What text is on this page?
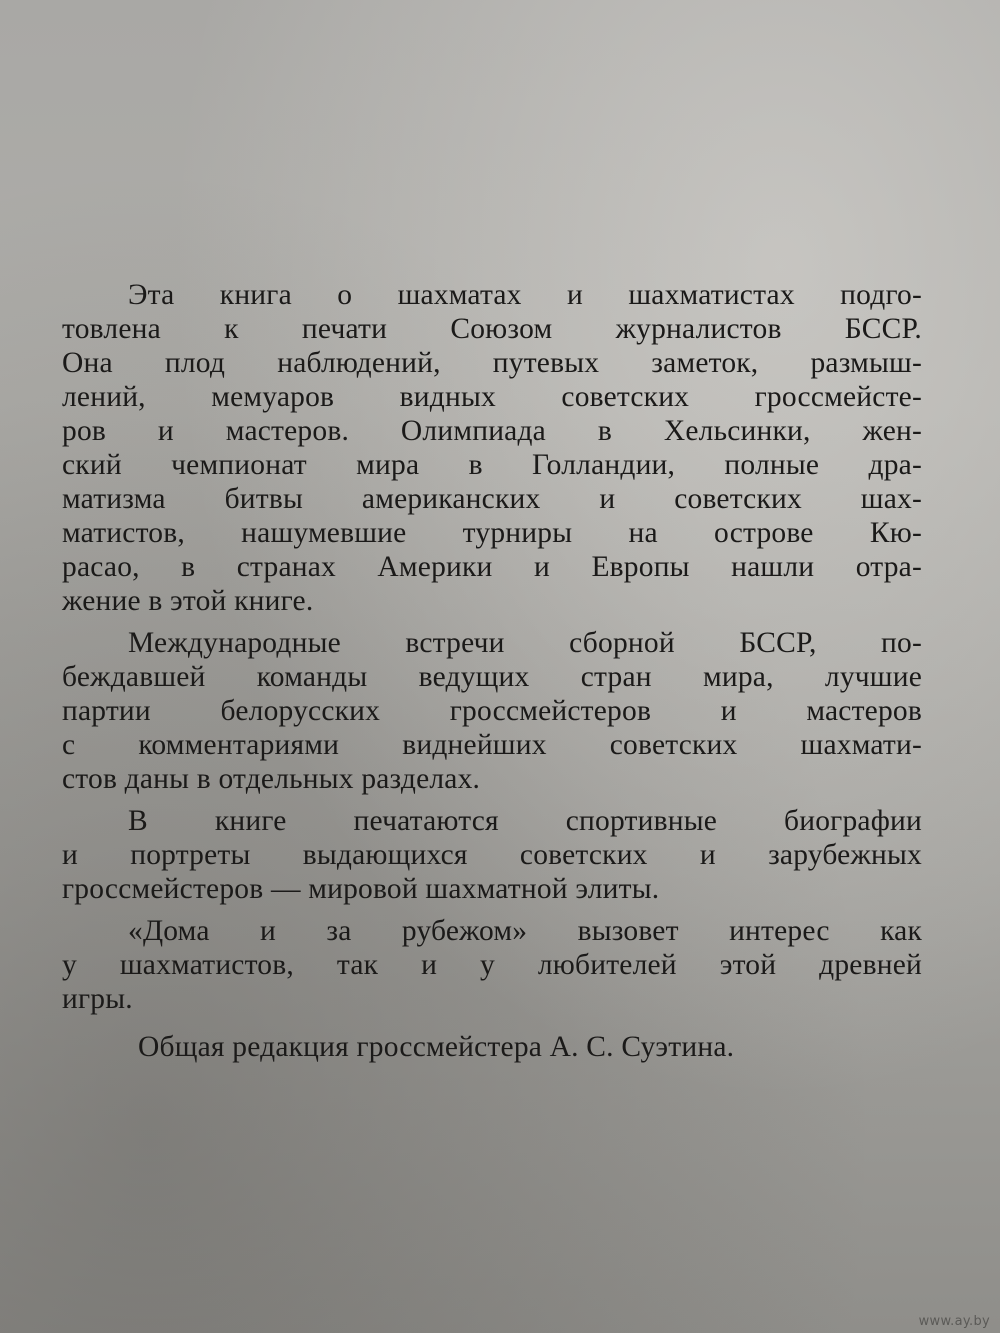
Эта книга о шахматах и шахматистах подго-
товлена к печати Союзом журналистов БССР.
Она плод наблюдений, путевых заметок, размыш-
лений, мемуаров видных советских гроссмейсте-
ров и мастеров. Олимпиада в Хельсинки, жен-
ский чемпионат мира в Голландии, полные дра-
матизма битвы американских и советских шах-
матистов, нашумевшие турниры на острове Кю-
расао, в странах Америки и Европы нашли отра-
жение в этой книге.
Международные встречи сборной БССР, по-
беждавшей команды ведущих стран мира, лучшие
партии белорусских гроссмейстеров и мастеров
с комментариями виднейших советских шахмати-
стов даны в отдельных разделах.
В книге печатаются спортивные биографии
и портреты выдающихся советских и зарубежных
гроссмейстеров — мировой шахматной элиты.
«Дома и за рубежом» вызовет интерес как
у шахматистов, так и у любителей этой древней
игры.
Общая редакция гроссмейстера А. С. Суэтина.
www.ay.by
